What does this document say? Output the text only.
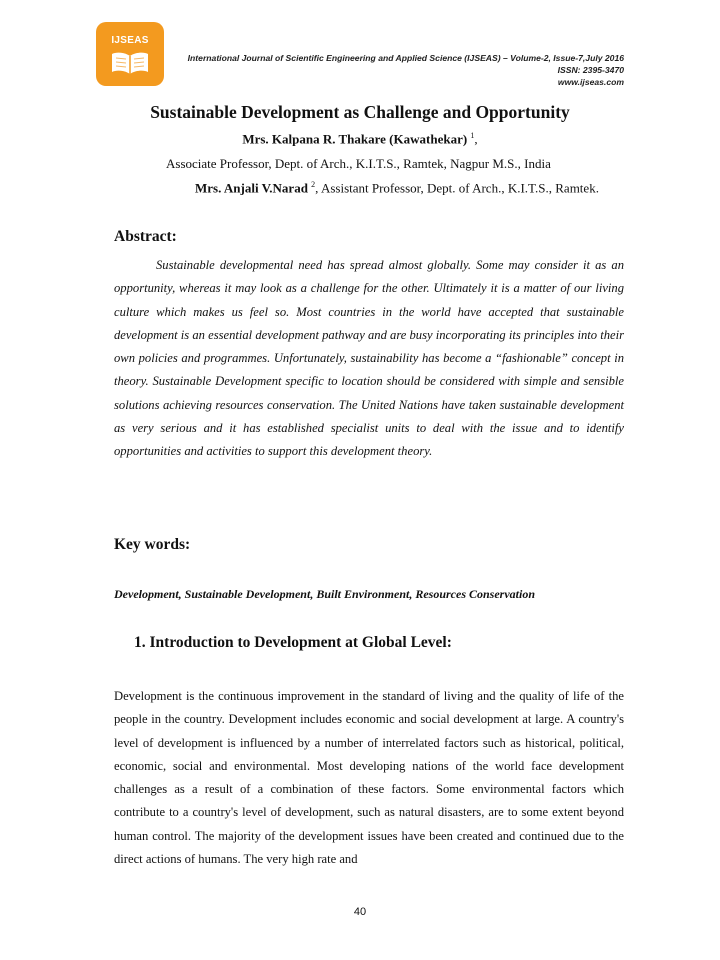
IJSEAS
International Journal of Scientific Engineering and Applied Science (IJSEAS) – Volume-2, Issue-7,July 2016
ISSN: 2395-3470
www.ijseas.com
Sustainable Development as Challenge and Opportunity
Mrs. Kalpana R. Thakare (Kawathekar) $^1$,
Associate Professor, Dept. of Arch., K.I.T.S., Ramtek, Nagpur M.S., India
Mrs. Anjali V.Narad $^2$, Assistant Professor, Dept. of Arch., K.I.T.S., Ramtek.
Abstract:

Sustainable developmental need has spread almost globally. Some may consider it as an opportunity, whereas it may look as a challenge for the other. Ultimately it is a matter of our living culture which makes us feel so. Most countries in the world have accepted that sustainable development is an essential development pathway and are busy incorporating its principles into their own policies and programmes. Unfortunately, sustainability has become a “fashionable” concept in theory. Sustainable Development specific to location should be considered with simple and sensible solutions achieving resources conservation. The United Nations have taken sustainable development as very serious and it has established specialist units to deal with the issue and to identify opportunities and activities to support this development theory.

Key words:
Development, Sustainable Development, Built Environment, Resources Conservation
1. Introduction to Development at Global Level:

Development is the continuous improvement in the standard of living and the quality of life of the people in the country. Development includes economic and social development at large. A country's level of development is influenced by a number of interrelated factors such as historical, political, economic, social and environmental. Most developing nations of the world face development challenges as a result of a combination of these factors. Some environmental factors which contribute to a country's level of development, such as natural disasters, are to some extent beyond human control. The majority of the development issues have been created and continued due to the direct actions of humans. The very high rate and

40
